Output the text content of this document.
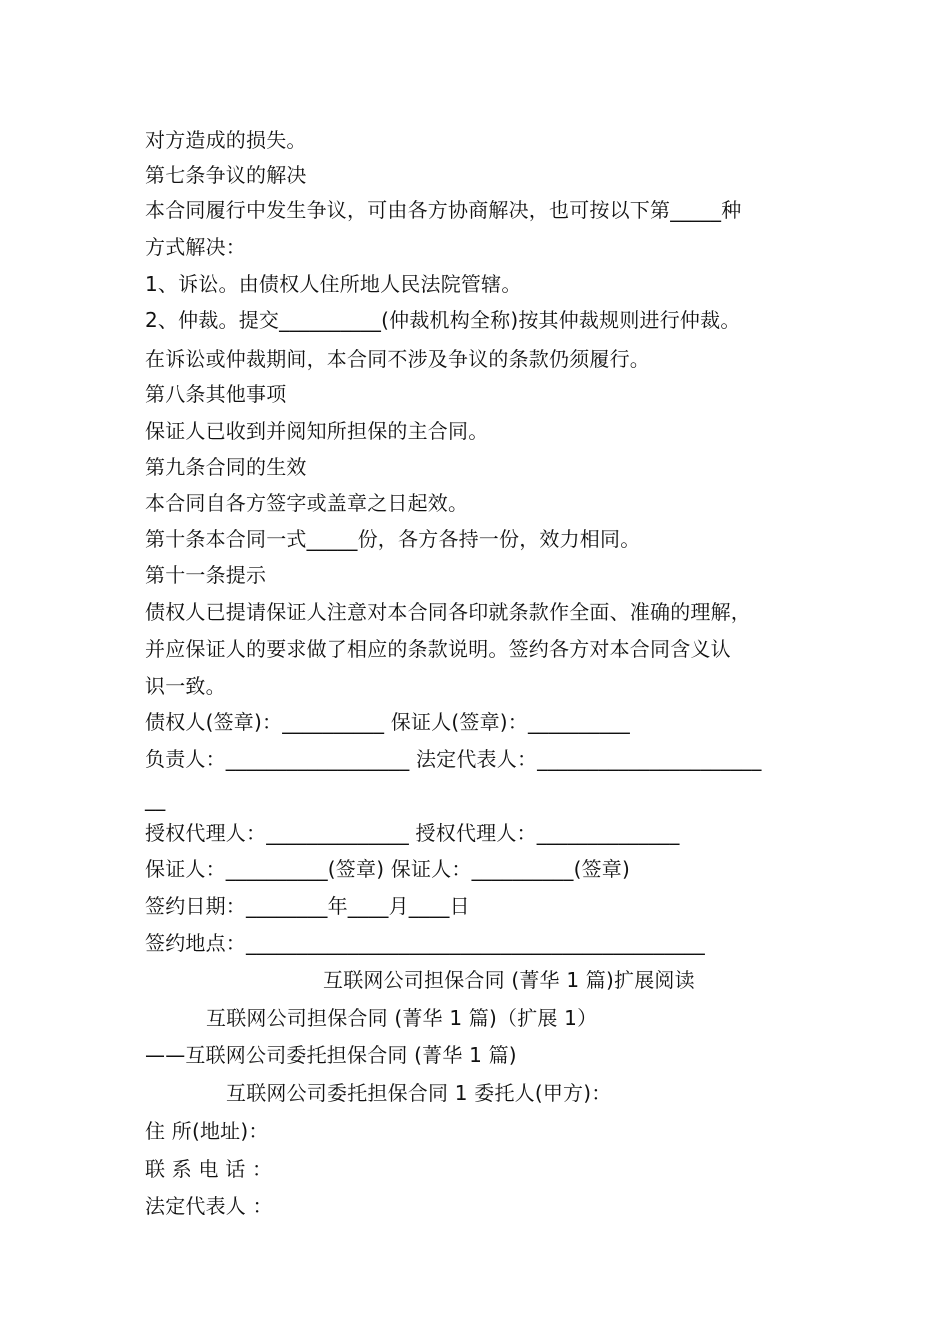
对方造成的损失。
第七条争议的解决
本合同履行中发生争议，可由各方协商解决，也可按以下第_____种
方式解决：
1、诉讼。由债权人住所地人民法院管辖。
2、仲裁。提交__________(仲裁机构全称)按其仲裁规则进行仲裁。
在诉讼或仲裁期间，本合同不涉及争议的条款仍须履行。
第八条其他事项
保证人已收到并阅知所担保的主合同。
第九条合同的生效
本合同自各方签字或盖章之日起效。
第十条本合同一式_____份，各方各持一份，效力相同。
第十一条提示
债权人已提请保证人注意对本合同各印就条款作全面、准确的理解，
并应保证人的要求做了相应的条款说明。签约各方对本合同含义认
识一致。
债权人(签章)：__________ 保证人(签章)：__________
负责人：__________________ 法定代表人：______________________
__
授权代理人：______________ 授权代理人：______________
保证人：__________(签章) 保证人：__________(签章)
签约日期：________年____月____日
签约地点：_____________________________________________
互联网公司担保合同 (菁华 1 篇)扩展阅读
互联网公司担保合同 (菁华 1 篇)（扩展 1）
——互联网公司委托担保合同 (菁华 1 篇)
互联网公司委托担保合同 1 委托人(甲方)：
住 所(地址)：
联 系 电 话 ：
法定代表人 ：
